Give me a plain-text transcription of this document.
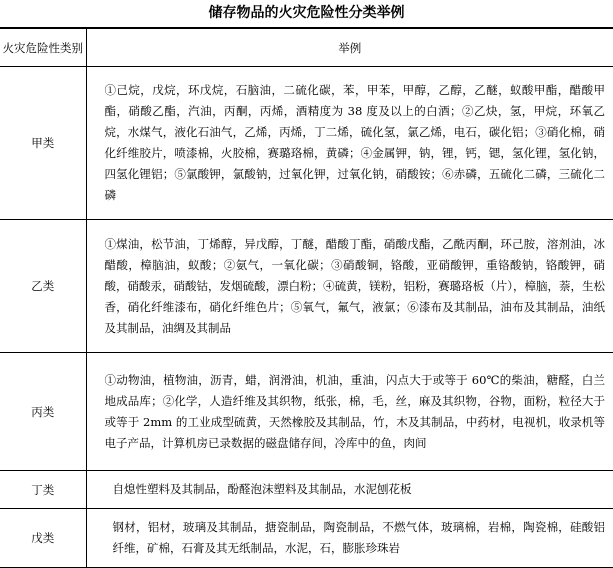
储存物品的火灾危险性分类举例
火灾危险性类别	举例
甲类	①己烷，戊烷，环戊烷，石脑油，二硫化碳，苯，甲苯，甲醇，乙醇，乙醚，蚁酸甲酯，醋酸甲酯，硝酸乙酯，汽油，丙酮，丙烯，酒精度为 38 度及以上的白酒；②乙炔，氢，甲烷，环氧乙烷，水煤气，液化石油气，乙烯，丙烯，丁二烯，硫化氢，氯乙烯，电石，碳化铝；③硝化棉，硝化纤维胶片，喷漆棉，火胶棉，赛璐珞棉，黄磷；④金属钾，钠，锂，钙，锶，氢化锂，氢化钠，四氢化锂铝；⑤氯酸钾，氯酸钠，过氧化钾，过氧化钠，硝酸铵；⑥赤磷，五硫化二磷，三硫化二磷
乙类	①煤油，松节油，丁烯醇，异戊醇，丁醚，醋酸丁酯，硝酸戊酯，乙酰丙酮，环己胺，溶剂油，冰醋酸，樟脑油，蚁酸；②氨气，一氧化碳；③硝酸铜，铬酸，亚硝酸钾，重铬酸钠，铬酸钾，硝酸，硝酸汞，硝酸钴，发烟硫酸，漂白粉；④硫黄，镁粉，铝粉，赛璐珞板（片），樟脑，萘，生松香，硝化纤维漆布，硝化纤维色片；⑤氧气，氟气，液氯；⑥漆布及其制品，油布及其制品，油纸及其制品，油绸及其制品
丙类	①动物油，植物油，沥青，蜡，润滑油，机油，重油，闪点大于或等于 60℃的柴油，糖醛，白兰地成品库；②化学，人造纤维及其织物，纸张，棉，毛，丝，麻及其织物，谷物，面粉，粒径大于或等于 2mm 的工业成型硫黄，天然橡胶及其制品，竹，木及其制品，中药材，电视机，收录机等电子产品，计算机房已录数据的磁盘储存间，冷库中的鱼，肉间
丁类	自熄性塑料及其制品，酚醛泡沫塑料及其制品，水泥刨花板
戊类	钢材，铝材，玻璃及其制品，搪瓷制品，陶瓷制品，不燃气体，玻璃棉，岩棉，陶瓷棉，硅酸铝纤维，矿棉，石膏及其无纸制品，水泥，石，膨胀珍珠岩
